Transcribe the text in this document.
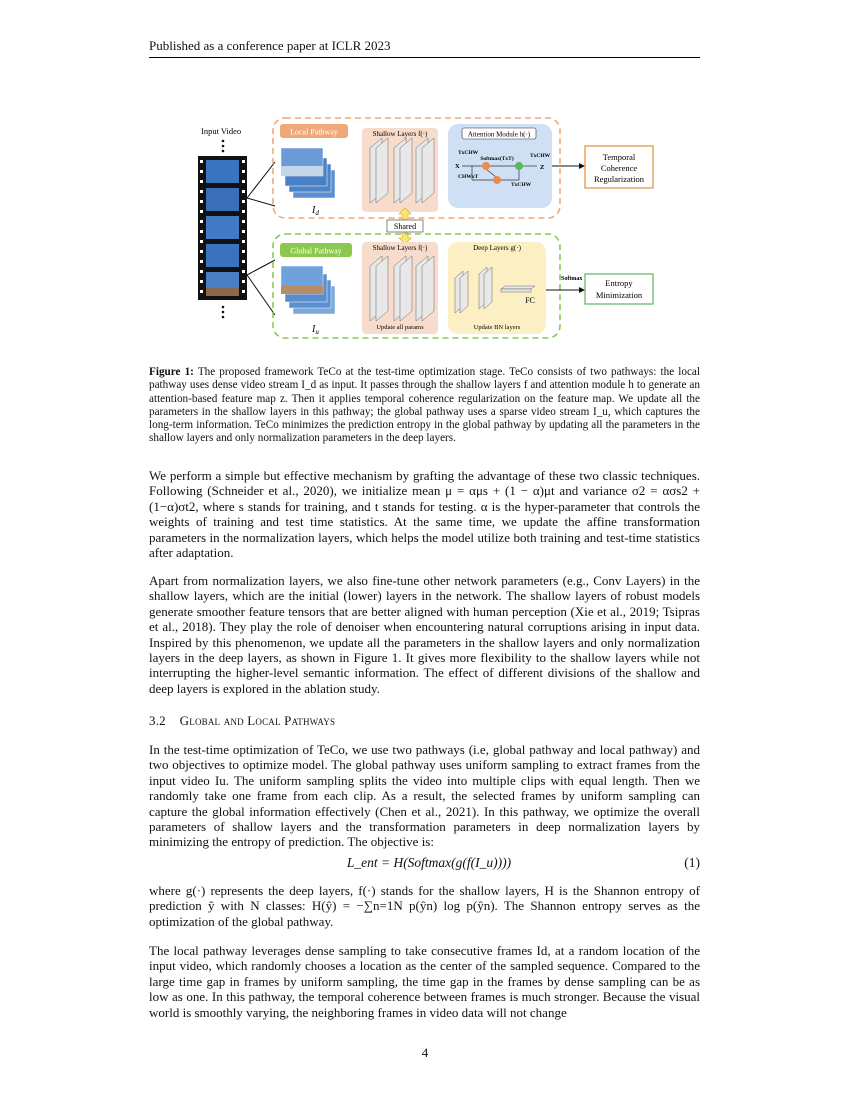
Published as a conference paper at ICLR 2023
Input Video	Local Pathway
$I_d$
Shallow Layers f(·)	Attention Module h(·)
TxCHW
X
CHWxT
Softmax(TxT)	TxCHW
TxCHW
Z
Temporal
Coherence
Regularization
Shared
Global Pathway
$I_u$
Shallow Layers f(·)
Update all params
Deep Layers g(·)
FC
Update BN layers
Softmax	Entropy
Minimization
Figure 1: The proposed framework TeCo at the test-time optimization stage. TeCo consists of two pathways: the local pathway uses dense video stream I_d as input. It passes through the shallow layers f and attention module h to generate an attention-based feature map z. Then it applies temporal coherence regularization on the feature map. We update all the parameters in the shallow layers in this pathway; the global pathway uses a sparse video stream I_u, which captures the long-term information. TeCo minimizes the prediction entropy in the global pathway by updating all the parameters in the shallow layers and only normalization parameters in the deep layers.
We perform a simple but effective mechanism by grafting the advantage of these two classic techniques. Following (Schneider et al., 2020), we initialize mean μ = αμs + (1 − α)μt and variance σ2 = ασs2 + (1−α)σt2, where s stands for training, and t stands for testing. α is the hyper-parameter that controls the weights of training and test time statistics. At the same time, we update the affine transformation parameters in the normalization layers, which helps the model utilize both training and test-time statistics after adaptation.
Apart from normalization layers, we also fine-tune other network parameters (e.g., Conv Layers) in the shallow layers, which are the initial (lower) layers in the network. The shallow layers of robust models generate smoother feature tensors that are better aligned with human perception (Xie et al., 2019; Tsipras et al., 2018). They play the role of denoiser when encountering natural corruptions arising in input data. Inspired by this phenomenon, we update all the parameters in the shallow layers and only normalization layers in the deep layers, as shown in Figure 1. It gives more flexibility to the shallow layers while not interrupting the higher-level semantic information. The effect of different divisions of the shallow and deep layers is explored in the ablation study.
3.2 Global and Local Pathways
In the test-time optimization of TeCo, we use two pathways (i.e, global pathway and local pathway) and two objectives to optimize model. The global pathway uses uniform sampling to extract frames from the input video Iu. The uniform sampling splits the video into multiple clips with equal length. Then we randomly take one frame from each clip. As a result, the selected frames by uniform sampling can capture the global information effectively (Chen et al., 2021). In this pathway, we optimize the overall parameters of shallow layers and the transformation parameters in deep normalization layers by minimizing the entropy of prediction. The objective is:
L_ent = H(Softmax(g(f(I_u))))	(1)
where g(·) represents the deep layers, f(·) stands for the shallow layers, H is the Shannon entropy of prediction ŷ with N classes: H(ŷ) = −∑n=1N p(ŷn) log p(ŷn). The Shannon entropy serves as the optimization of the global pathway.
The local pathway leverages dense sampling to take consecutive frames Id, at a random location of the input video, which randomly chooses a location as the center of the sampled sequence. Compared to the large time gap in frames by uniform sampling, the time gap in the frames by dense sampling can be as low as one. In this pathway, the temporal coherence between frames is much stronger. Because the visual world is smoothly varying, the neighboring frames in video data will not change
4
